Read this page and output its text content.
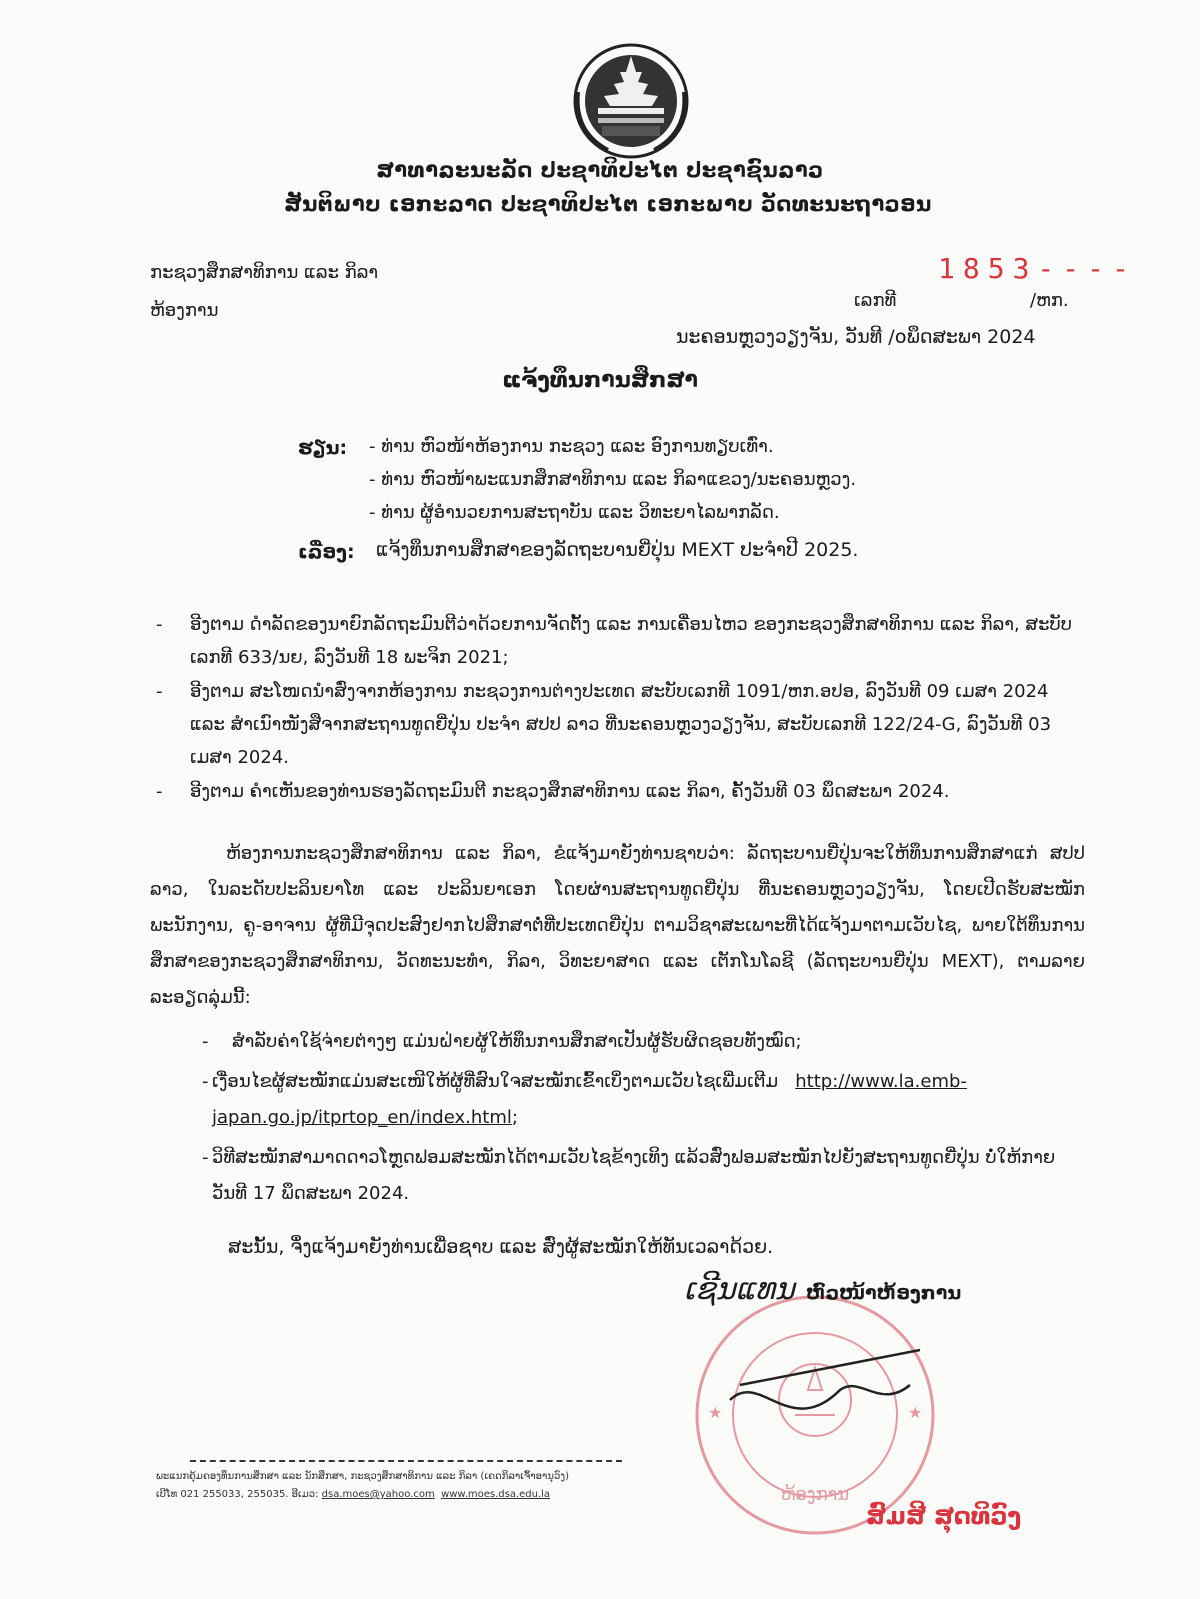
ສາທາລະນະລັດ ປະຊາທິປະໄຕ ປະຊາຊົນລາວ
ສັນຕິພາບ ເອກະລາດ ປະຊາທິປະໄຕ ເອກະພາບ ວັດທະນະຖາວອນ
ກະຊວງສຶກສາທິການ ແລະ ກິລາ
ຫ້ອງການ
1853----
ເລກທີ	/ຫກ.
ນະຄອນຫຼວງວຽງຈັນ, ວັນທີ /໐ພຶດສະພາ 2024
ແຈ້ງທຶນການສຶກສາ
ຮຽນ: - ທ່ານ ຫົວໜ້າຫ້ອງການ ກະຊວງ ແລະ ອົງການທຽບເທົ່າ.
- ທ່ານ ຫົວໜ້າພະແນກສຶກສາທິການ ແລະ ກິລາແຂວງ/ນະຄອນຫຼວງ.
- ທ່ານ ຜູ້ອຳນວຍການສະຖາບັນ ແລະ ວິທະຍາໄລພາກລັດ.
ເລື່ອງ: ແຈ້ງທຶນການສຶກສາຂອງລັດຖະບານຍີ່ປຸ່ນ MEXT ປະຈຳປີ 2025.
- ອີງຕາມ ດຳລັດຂອງນາຍົກລັດຖະມົນຕີວ່າດ້ວຍການຈັດຕັ້ງ ແລະ ການເຄື່ອນໄຫວ ຂອງກະຊວງສຶກສາທິການ ແລະ ກິລາ, ສະບັບເລກທີ 633/ນຍ, ລົງວັນທີ 18 ພະຈິກ 2021;
- ອີງຕາມ ສະໂໜດນຳສົ່ງຈາກຫ້ອງການ ກະຊວງການຕ່າງປະເທດ ສະບັບເລກທີ 1091/ຫກ.ອປອ, ລົງວັນທີ 09 ເມສາ 2024 ແລະ ສຳເນົາໜັງສືຈາກສະຖານທູດຍີ່ປຸ່ນ ປະຈຳ ສປປ ລາວ ທີ່ນະຄອນຫຼວງວຽງຈັນ, ສະບັບເລກທີ 122/24-G, ລົງວັນທີ 03 ເມສາ 2024.
- ອີງຕາມ ຄຳເຫັນຂອງທ່ານຮອງລັດຖະມົນຕີ ກະຊວງສຶກສາທິການ ແລະ ກິລາ, ຄັ້ງວັນທີ 03 ພຶດສະພາ 2024.

ຫ້ອງການກະຊວງສຶກສາທິການ ແລະ ກິລາ, ຂໍແຈ້ງມາຍັງທ່ານຊາບວ່າ: ລັດຖະບານຍີ່ປຸ່ນຈະໃຫ້ທຶນການສຶກສາແກ່ ສປປ ລາວ, ໃນລະດັບປະລິນຍາໂທ ແລະ ປະລິນຍາເອກ ໂດຍຜ່ານສະຖານທູດຍີ່ປຸ່ນ ທີ່ນະຄອນຫຼວງວຽງຈັນ, ໂດຍເປີດຮັບສະໝັກພະນັກງານ, ຄູ-ອາຈານ ຜູ້ທີ່ມີຈຸດປະສົງຢາກໄປສຶກສາຕໍ່ທີ່ປະເທດຍີ່ປຸ່ນ ຕາມວິຊາສະເພາະທີ່ໄດ້ແຈ້ງມາຕາມເວັບໄຊ, ພາຍໃຕ້ທຶນການສຶກສາຂອງກະຊວງສຶກສາທິການ, ວັດທະນະທຳ, ກິລາ, ວິທະຍາສາດ ແລະ ເຕັກໂນໂລຊີ (ລັດຖະບານຍີ່ປຸ່ນ MEXT), ຕາມລາຍລະອຽດລຸ່ມນີ້:

- ສຳລັບຄ່າໃຊ້ຈ່າຍຕ່າງໆ ແມ່ນຝ່າຍຜູ້ໃຫ້ທຶນການສຶກສາເປັນຜູ້ຮັບຜິດຊອບທັງໝົດ;
- ເງື່ອນໄຂຜູ້ສະໝັກແມ່ນສະເໜີໃຫ້ຜູ້ທີ່ສົນໃຈສະໝັກເຂົ້າເບິ່ງຕາມເວັບໄຊເພີ່ມເຕີມ http://www.la.emb-japan.go.jp/itprtop_en/index.html;
- ວິທີສະໝັກສາມາດດາວໂຫຼດຟອມສະໝັກໄດ້ຕາມເວັບໄຊຂ້າງເທິງ ແລ້ວສົ່ງຟອມສະໝັກໄປຍັງສະຖານທູດຍີ່ປຸ່ນ ບໍ່ໃຫ້ກາຍ ວັນທີ 17 ພຶດສະພາ 2024.
ສະນັ້ນ, ຈຶ່ງແຈ້ງມາຍັງທ່ານເພື່ອຊາບ ແລະ ສົ່ງຜູ້ສະໝັກໃຫ້ທັນເວລາດ້ວຍ.
★	★
ຫ້ອງການ
ເຊີນແທນ ຫົວໜ້າຫ້ອງການ
ສົມສີ ສຸດທິວົງ
ພະແນກຄຸ້ມຄອງທຶນການສຶກສາ ແລະ ນັກສຶກສາ, ກະຊວງສຶກສາທິການ ແລະ ກິລາ (ເຄດກິລາເຈົ້າອານຸວົງ)
ເບີໂທ 021 255033, 255035. ອີເມວ: dsa.moes@yahoo.com www.moes.dsa.edu.la
